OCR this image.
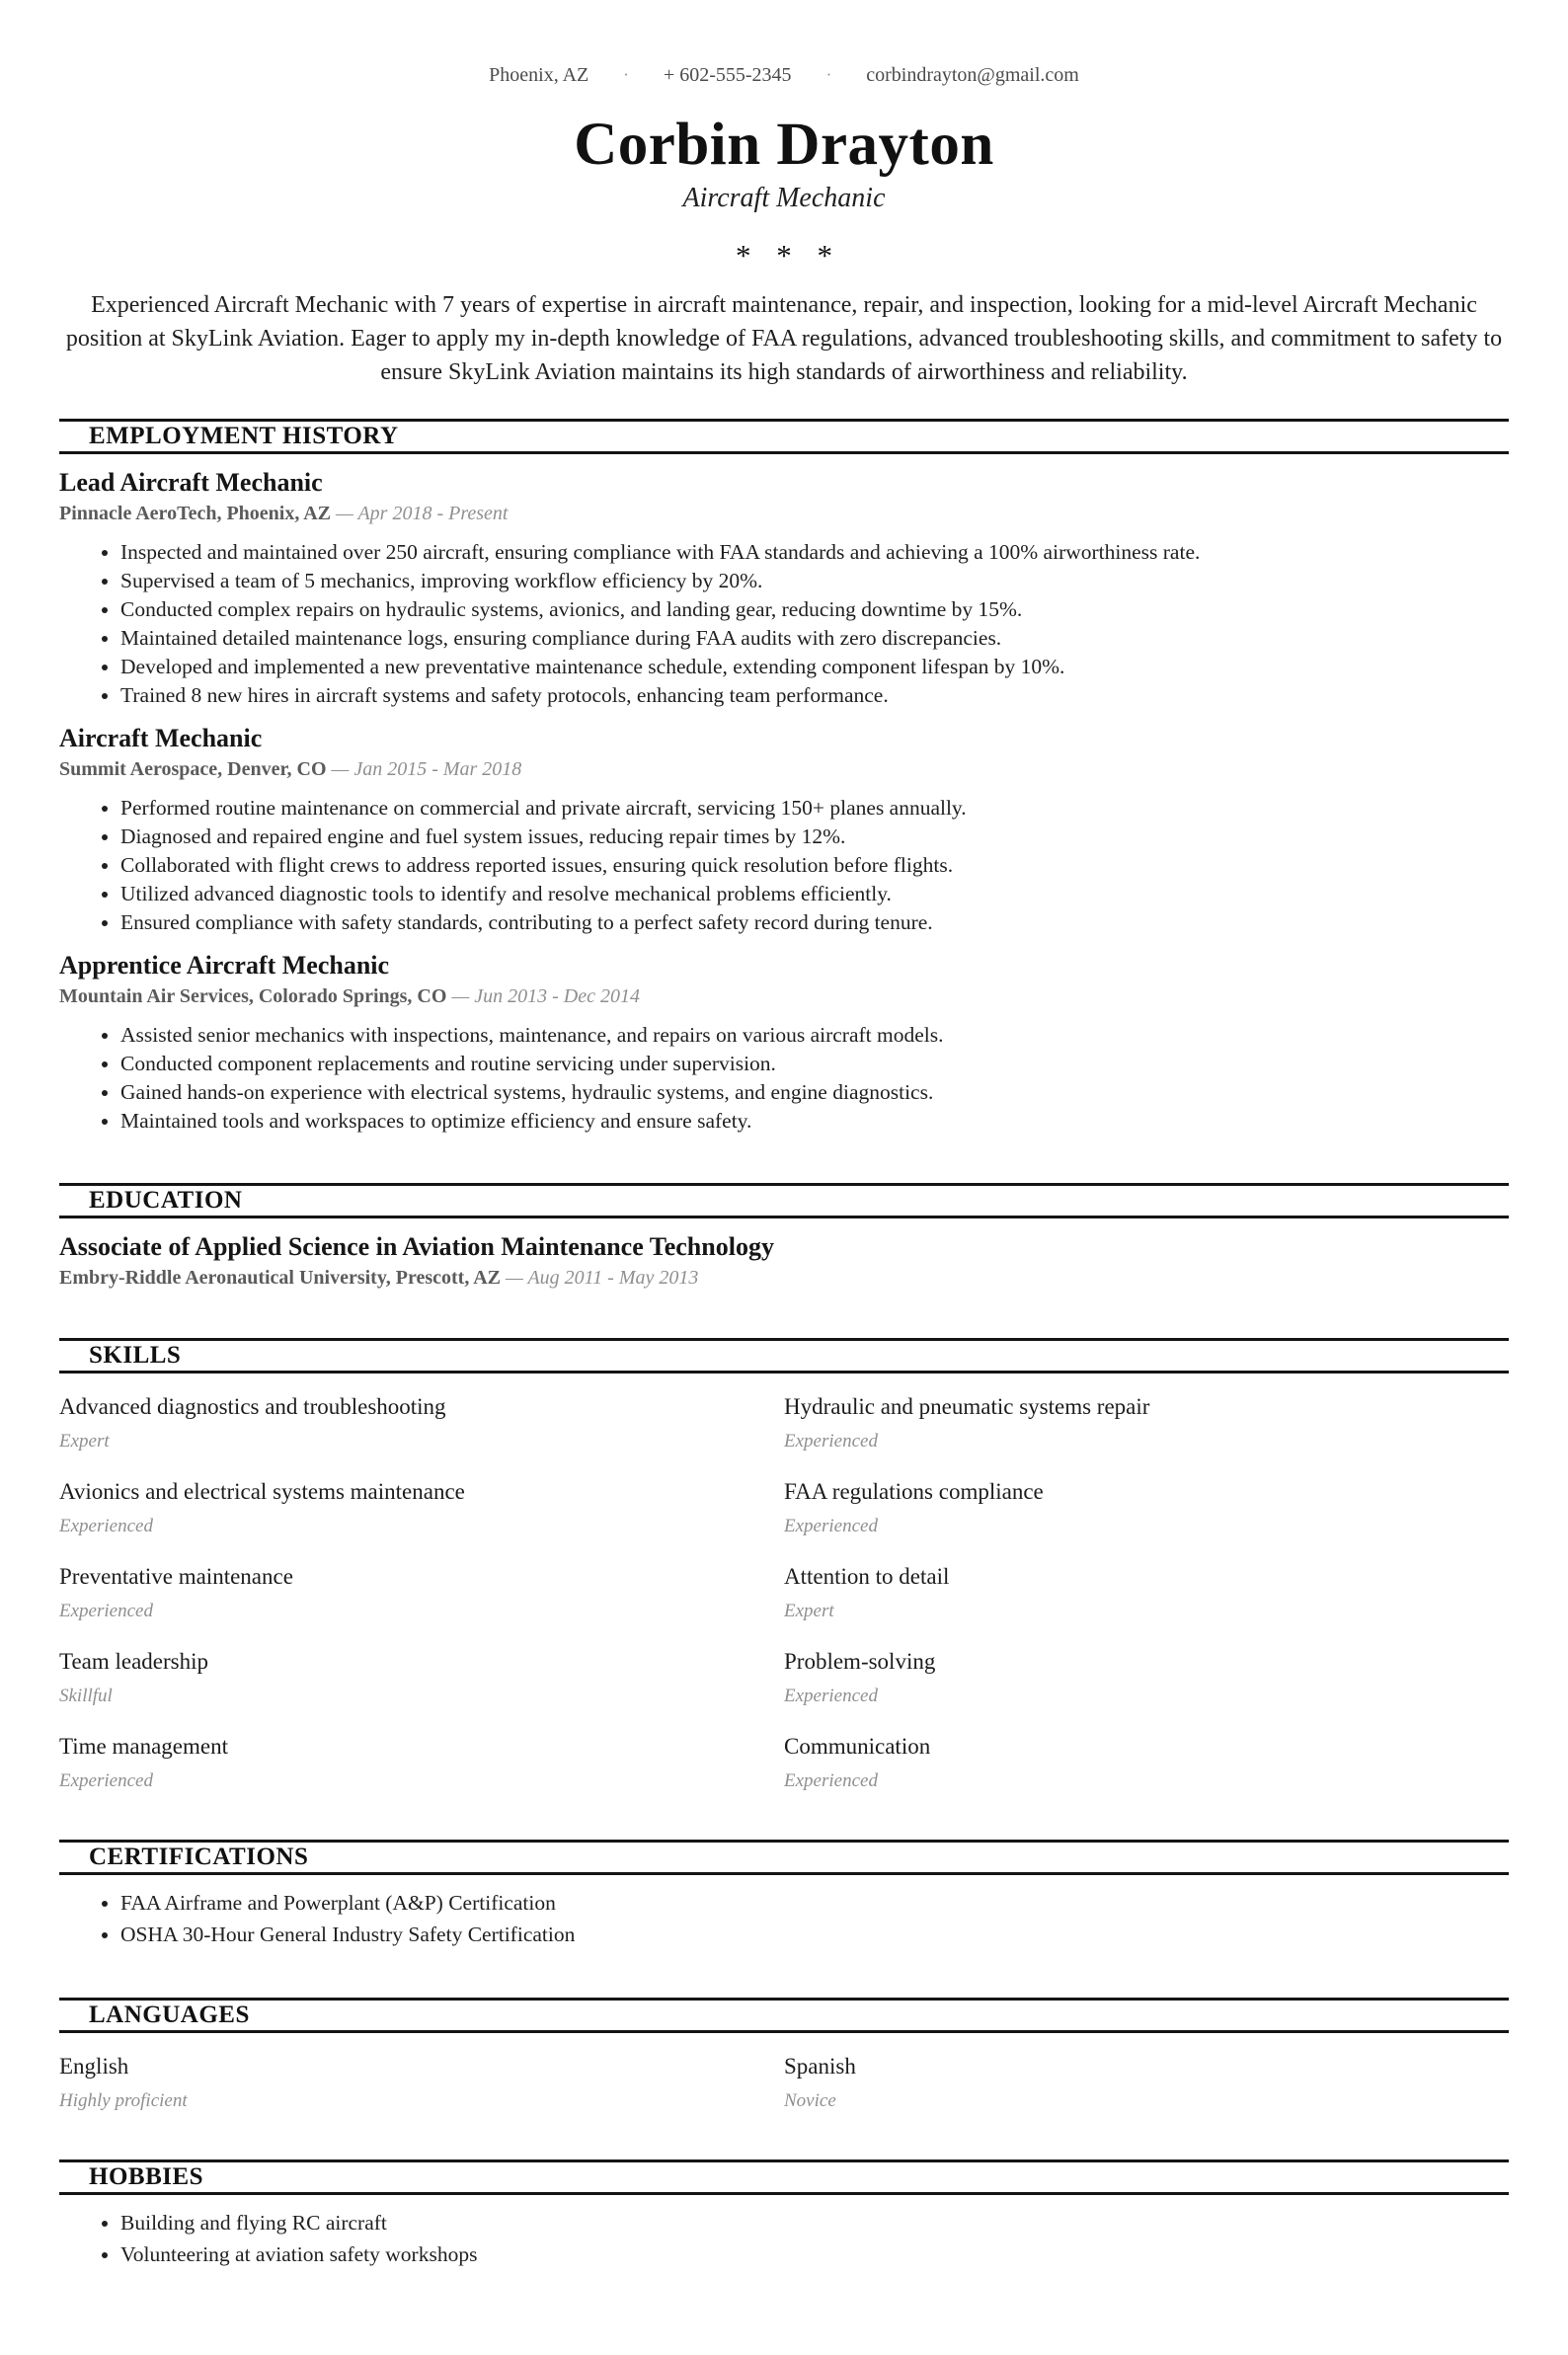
Phoenix, AZ · + 602-555-2345 · corbindrayton@gmail.com
Corbin Drayton
Aircraft Mechanic
* * *

Experienced Aircraft Mechanic with 7 years of expertise in aircraft maintenance, repair, and inspection, looking for a mid-level Aircraft Mechanic position at SkyLink Aviation. Eager to apply my in-depth knowledge of FAA regulations, advanced troubleshooting skills, and commitment to safety to ensure SkyLink Aviation maintains its high standards of airworthiness and reliability.

EMPLOYMENT HISTORY
Lead Aircraft Mechanic
Pinnacle AeroTech, Phoenix, AZ — Apr 2018 - Present
• Inspected and maintained over 250 aircraft, ensuring compliance with FAA standards and achieving a 100% airworthiness rate.
• Supervised a team of 5 mechanics, improving workflow efficiency by 20%.
• Conducted complex repairs on hydraulic systems, avionics, and landing gear, reducing downtime by 15%.
• Maintained detailed maintenance logs, ensuring compliance during FAA audits with zero discrepancies.
• Developed and implemented a new preventative maintenance schedule, extending component lifespan by 10%.
• Trained 8 new hires in aircraft systems and safety protocols, enhancing team performance.
Aircraft Mechanic
Summit Aerospace, Denver, CO — Jan 2015 - Mar 2018
• Performed routine maintenance on commercial and private aircraft, servicing 150+ planes annually.
• Diagnosed and repaired engine and fuel system issues, reducing repair times by 12%.
• Collaborated with flight crews to address reported issues, ensuring quick resolution before flights.
• Utilized advanced diagnostic tools to identify and resolve mechanical problems efficiently.
• Ensured compliance with safety standards, contributing to a perfect safety record during tenure.
Apprentice Aircraft Mechanic
Mountain Air Services, Colorado Springs, CO — Jun 2013 - Dec 2014
• Assisted senior mechanics with inspections, maintenance, and repairs on various aircraft models.
• Conducted component replacements and routine servicing under supervision.
• Gained hands-on experience with electrical systems, hydraulic systems, and engine diagnostics.
• Maintained tools and workspaces to optimize efficiency and ensure safety.
EDUCATION
Associate of Applied Science in Aviation Maintenance Technology
Embry-Riddle Aeronautical University, Prescott, AZ — Aug 2011 - May 2013
SKILLS
Advanced diagnostics and troubleshooting
Expert
Hydraulic and pneumatic systems repair
Experienced
Avionics and electrical systems maintenance
Experienced
FAA regulations compliance
Experienced
Preventative maintenance
Experienced
Attention to detail
Expert
Team leadership
Skillful
Problem-solving
Experienced
Time management
Experienced
Communication
Experienced
CERTIFICATIONS
• FAA Airframe and Powerplant (A&P) Certification
• OSHA 30-Hour General Industry Safety Certification
LANGUAGES
English
Highly proficient
Spanish
Novice
HOBBIES
• Building and flying RC aircraft
• Volunteering at aviation safety workshops
